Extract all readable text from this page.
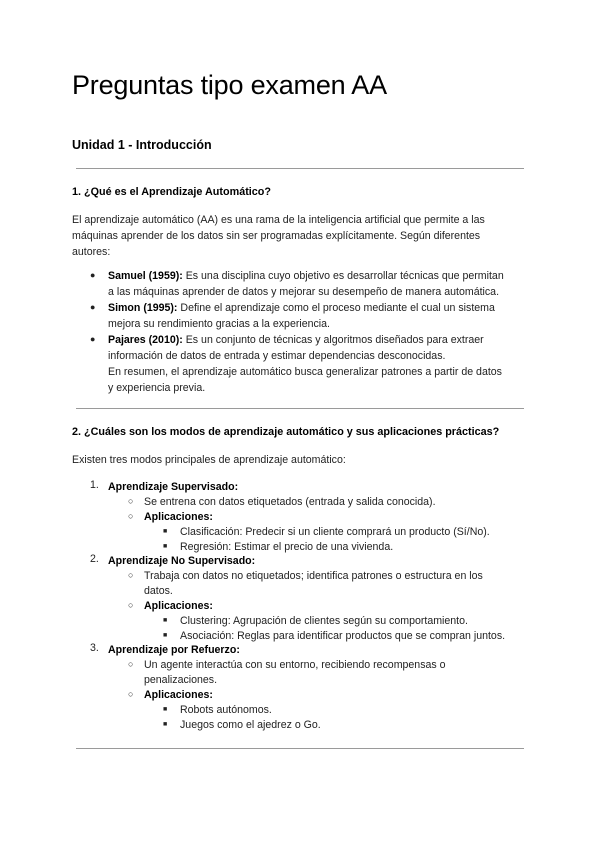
Preguntas tipo examen AA
Unidad 1 - Introducción
1. ¿Qué es el Aprendizaje Automático?
El aprendizaje automático (AA) es una rama de la inteligencia artificial que permite a las
máquinas aprender de los datos sin ser programadas explícitamente. Según diferentes
autores:
● Samuel (1959): Es una disciplina cuyo objetivo es desarrollar técnicas que permitan
a las máquinas aprender de datos y mejorar su desempeño de manera automática.
● Simon (1995): Define el aprendizaje como el proceso mediante el cual un sistema
mejora su rendimiento gracias a la experiencia.
● Pajares (2010): Es un conjunto de técnicas y algoritmos diseñados para extraer
información de datos de entrada y estimar dependencias desconocidas.
En resumen, el aprendizaje automático busca generalizar patrones a partir de datos
y experiencia previa.
2. ¿Cuáles son los modos de aprendizaje automático y sus aplicaciones prácticas?
Existen tres modos principales de aprendizaje automático:
1. Aprendizaje Supervisado:
○ Se entrena con datos etiquetados (entrada y salida conocida).
○ Aplicaciones:
■ Clasificación: Predecir si un cliente comprará un producto (Sí/No).
■ Regresión: Estimar el precio de una vivienda.
2. Aprendizaje No Supervisado:
○ Trabaja con datos no etiquetados; identifica patrones o estructura en los
datos.
○ Aplicaciones:
■ Clustering: Agrupación de clientes según su comportamiento.
■ Asociación: Reglas para identificar productos que se compran juntos.
3. Aprendizaje por Refuerzo:
○ Un agente interactúa con su entorno, recibiendo recompensas o
penalizaciones.
○ Aplicaciones:
■ Robots autónomos.
■ Juegos como el ajedrez o Go.
